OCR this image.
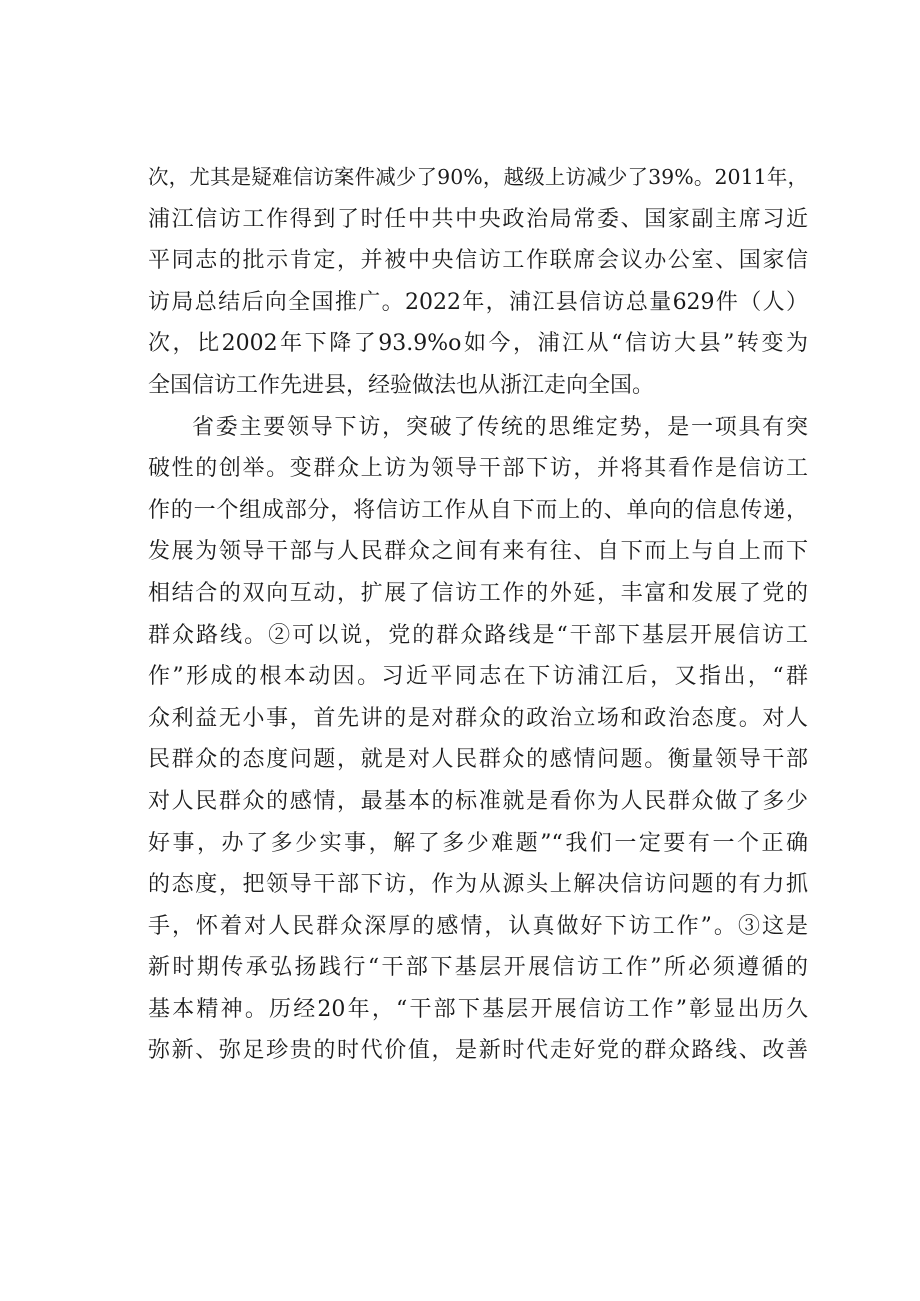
次，尤其是疑难信访案件减少了90%，越级上访减少了39%。2011年，
浦江信访工作得到了时任中共中央政治局常委、国家副主席习近
平同志的批示肯定，并被中央信访工作联席会议办公室、国家信
访局总结后向全国推广。2022年，浦江县信访总量629件（人）
次，比2002年下降了93.9%o如今，浦江从“信访大县”转变为
全国信访工作先进县，经验做法也从浙江走向全国。
省委主要领导下访，突破了传统的思维定势，是一项具有突
破性的创举。变群众上访为领导干部下访，并将其看作是信访工
作的一个组成部分，将信访工作从自下而上的、单向的信息传递，
发展为领导干部与人民群众之间有来有往、自下而上与自上而下
相结合的双向互动，扩展了信访工作的外延，丰富和发展了党的
群众路线。②可以说，党的群众路线是“干部下基层开展信访工
作”形成的根本动因。习近平同志在下访浦江后，又指出，“群
众利益无小事，首先讲的是对群众的政治立场和政治态度。对人
民群众的态度问题，就是对人民群众的感情问题。衡量领导干部
对人民群众的感情，最基本的标准就是看你为人民群众做了多少
好事，办了多少实事，解了多少难题”“我们一定要有一个正确
的态度，把领导干部下访，作为从源头上解决信访问题的有力抓
手，怀着对人民群众深厚的感情，认真做好下访工作”。③这是
新时期传承弘扬践行“干部下基层开展信访工作”所必须遵循的
基本精神。历经20年，“干部下基层开展信访工作”彰显出历久
弥新、弥足珍贵的时代价值，是新时代走好党的群众路线、改善
